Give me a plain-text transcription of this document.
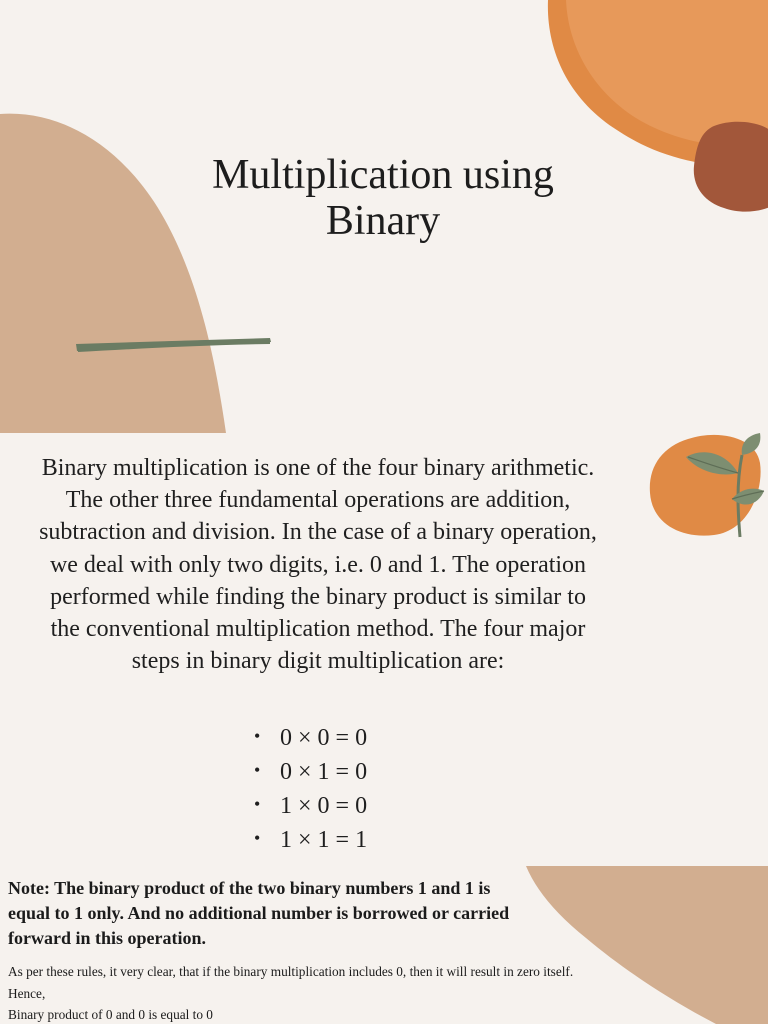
Multiplication using
Binary

Binary multiplication is one of the four binary arithmetic. The other three fundamental operations are addition, subtraction and division. In the case of a binary operation, we deal with only two digits, i.e. 0 and 1. The operation performed while finding the binary product is similar to the conventional multiplication method. The four major steps in binary digit multiplication are:

• 0 × 0 = 0
• 0 × 1 = 0
• 1 × 0 = 0
• 1 × 1 = 1

Note: The binary product of the two binary numbers 1 and 1 is equal to 1 only. And no additional number is borrowed or carried forward in this operation.

As per these rules, it very clear, that if the binary multiplication includes 0, then it will result in zero itself.

Hence,

Binary product of 0 and 0 is equal to 0
